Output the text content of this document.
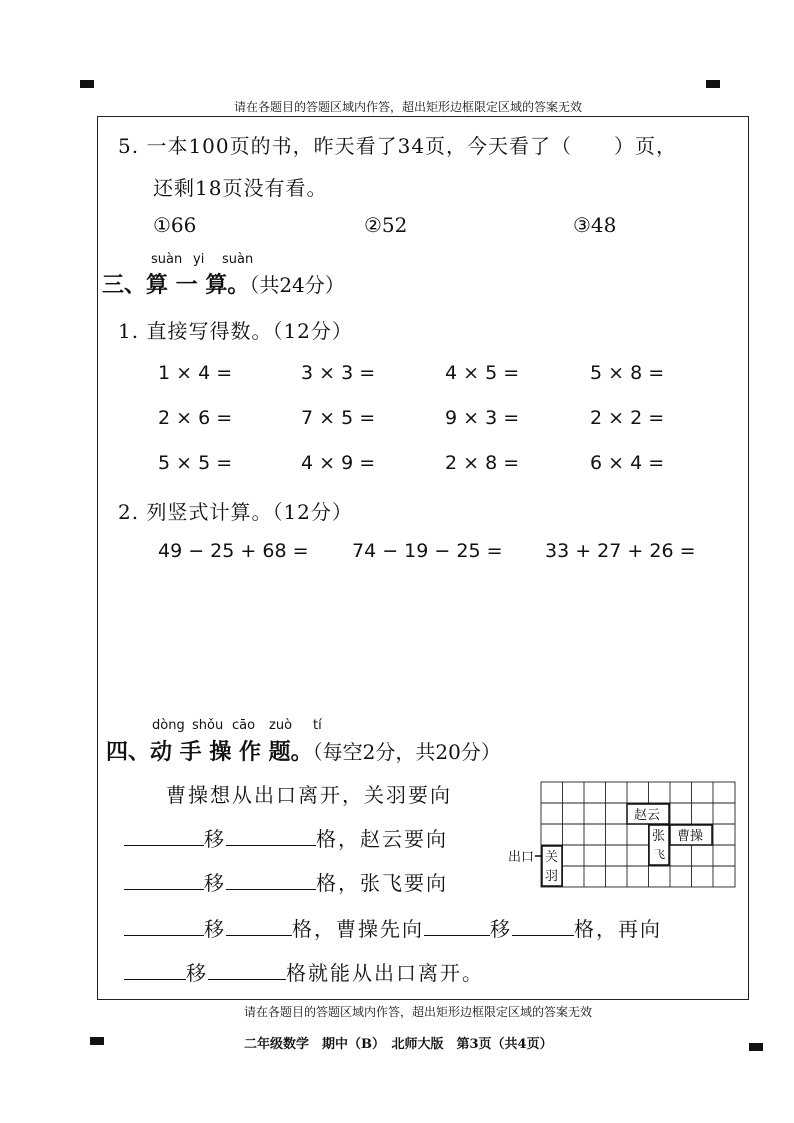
请在各题目的答题区域内作答，超出矩形边框限定区域的答案无效
5. 一本100页的书，昨天看了34页，今天看了（　　）页，
还剩18页没有看。
①66	②52	③48
suàn yi suàn
三、算 一 算。（共24分）
1. 直接写得数。（12分）
1 × 4 =	3 × 3 =	4 × 5 =	5 × 8 =
2 × 6 =	7 × 5 =	9 × 3 =	2 × 2 =
5 × 5 =	4 × 9 =	2 × 8 =	6 × 4 =
2. 列竖式计算。（12分）
49 − 25 + 68 = 74 − 19 − 25 = 33 + 27 + 26 =
dòng shǒu cāo zuò tí
四、动 手 操 作 题。（每空2分，共20分）
曹操想从出口离开，关羽要向
移	格，赵云要向
移	格，张飞要向
移	格，曹操先向	移	格，再向
移	格就能从出口离开。
出口 关
羽
赵云
张
飞
曹操
请在各题目的答题区域内作答，超出矩形边框限定区域的答案无效
二年级数学　期中（B）　北师大版　第3页（共4页）
